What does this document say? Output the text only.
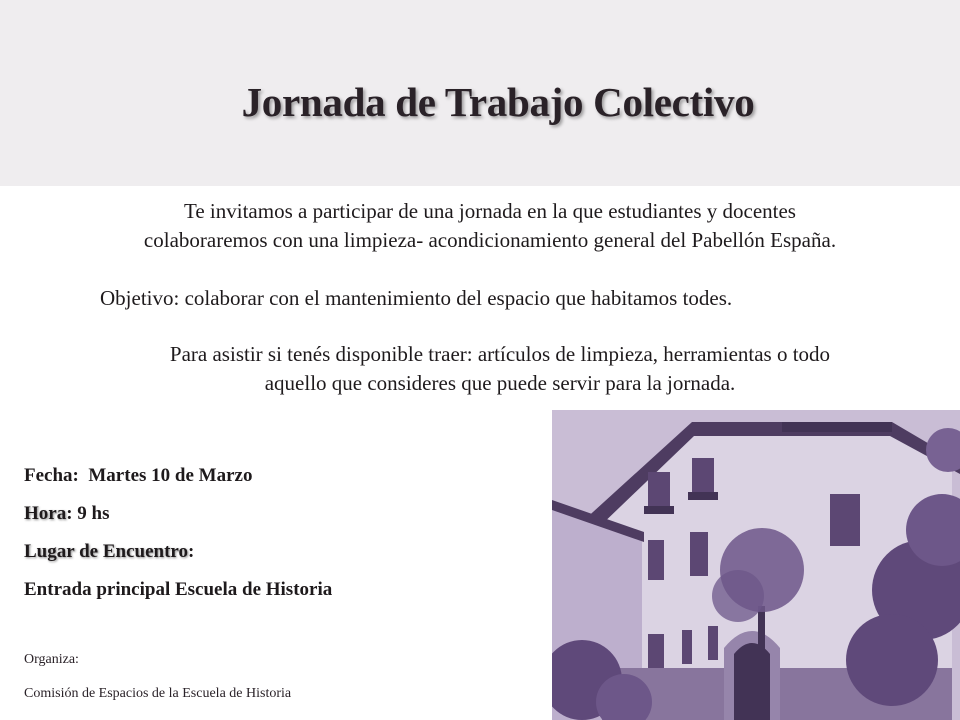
Jornada de Trabajo Colectivo

Te invitamos a participar de una jornada en la que estudiantes y docentes
colaboraremos con una limpieza- acondicionamiento general del Pabellón España.

Objetivo: colaborar con el mantenimiento del espacio que habitamos todes.

Para asistir si tenés disponible traer: artículos de limpieza, herramientas o todo
aquello que consideres que puede servir para la jornada.

Fecha: Martes 10 de Marzo
Hora: 9 hs
Lugar de Encuentro:
Entrada principal Escuela de Historia
Organiza:
Comisión de Espacios de la Escuela de Historia
